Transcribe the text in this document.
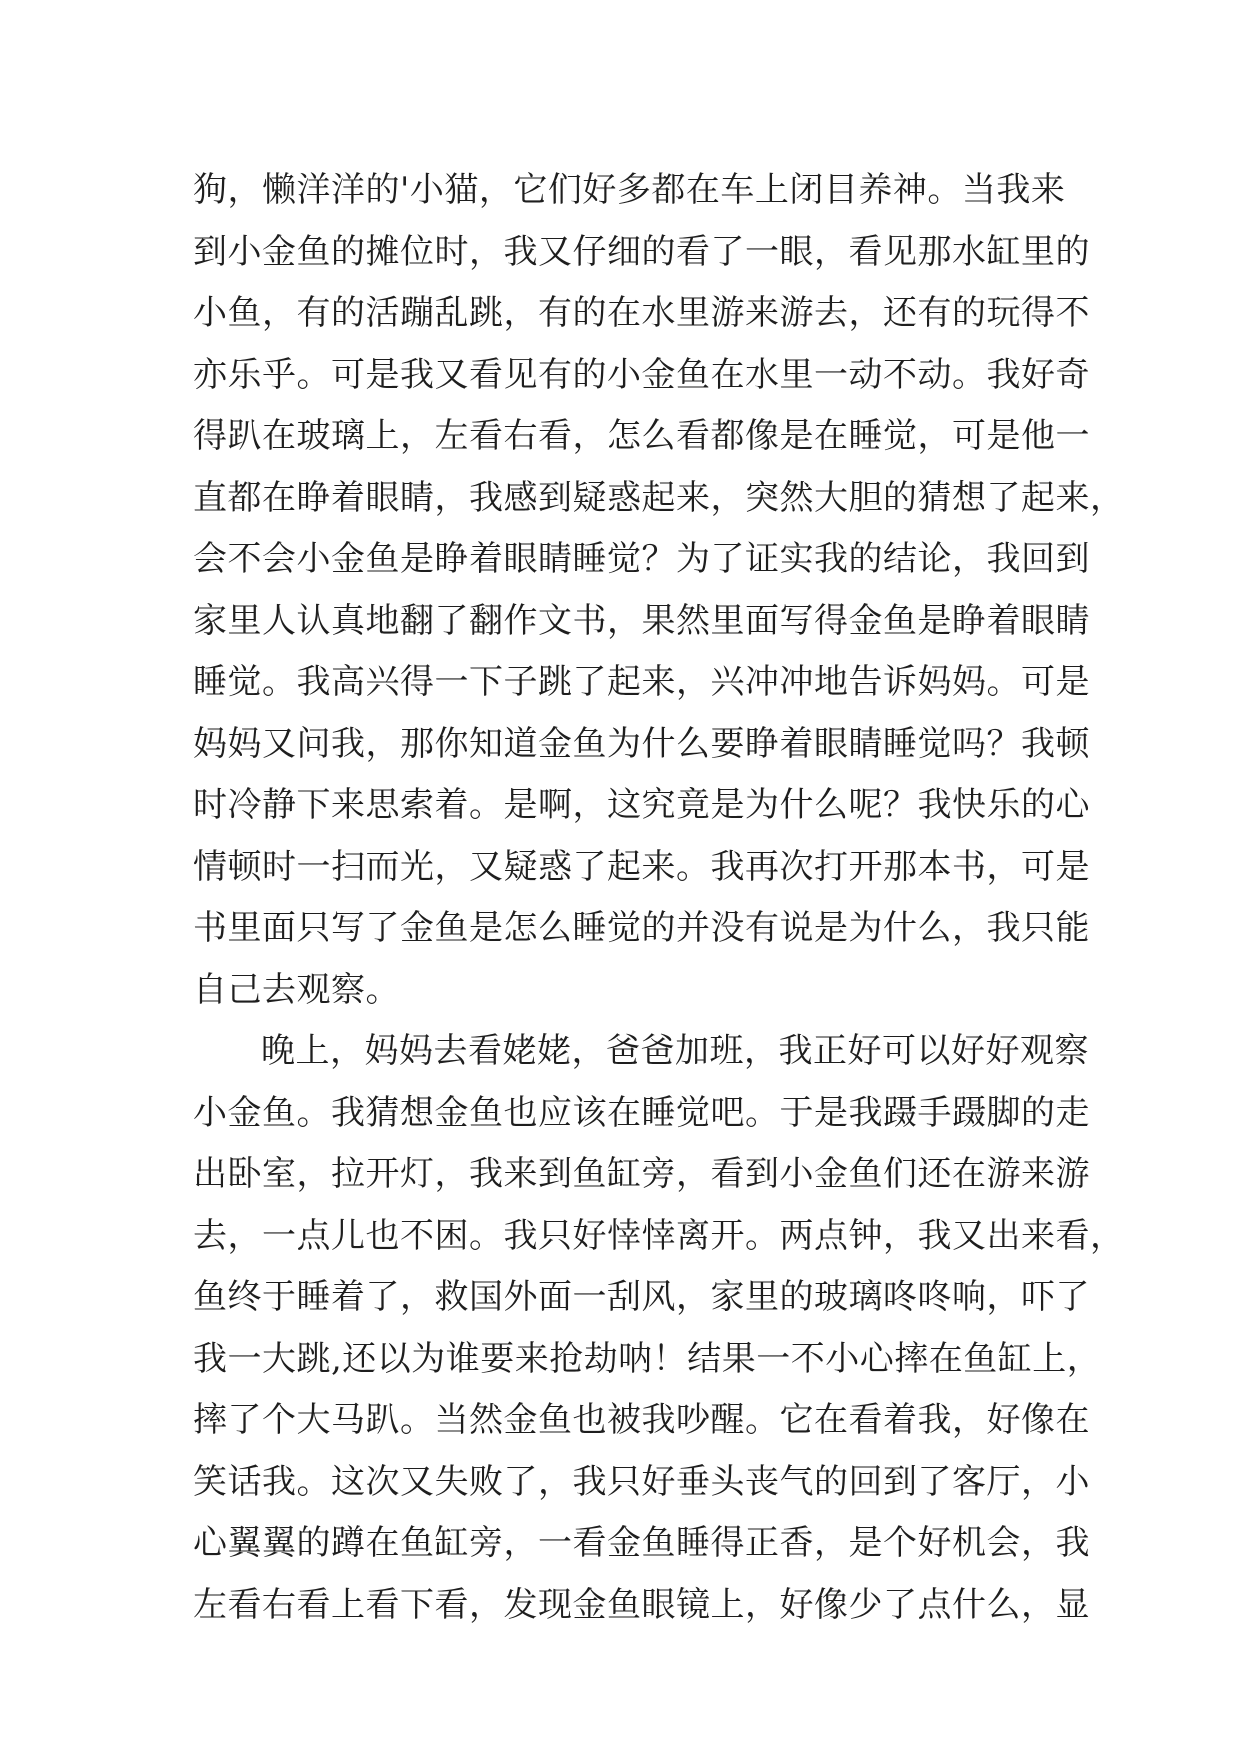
狗，懒洋洋的'小猫，它们好多都在车上闭目养神。当我来
到小金鱼的摊位时，我又仔细的看了一眼，看见那水缸里的
小鱼，有的活蹦乱跳，有的在水里游来游去，还有的玩得不
亦乐乎。可是我又看见有的小金鱼在水里一动不动。我好奇
得趴在玻璃上，左看右看，怎么看都像是在睡觉，可是他一
直都在睁着眼睛，我感到疑惑起来，突然大胆的猜想了起来，
会不会小金鱼是睁着眼睛睡觉？为了证实我的结论，我回到
家里人认真地翻了翻作文书，果然里面写得金鱼是睁着眼睛
睡觉。我高兴得一下子跳了起来，兴冲冲地告诉妈妈。可是
妈妈又问我，那你知道金鱼为什么要睁着眼睛睡觉吗？我顿
时冷静下来思索着。是啊，这究竟是为什么呢？我快乐的心
情顿时一扫而光，又疑惑了起来。我再次打开那本书，可是
书里面只写了金鱼是怎么睡觉的并没有说是为什么，我只能
自己去观察。
晚上，妈妈去看姥姥，爸爸加班，我正好可以好好观察
小金鱼。我猜想金鱼也应该在睡觉吧。于是我蹑手蹑脚的走
出卧室，拉开灯，我来到鱼缸旁，看到小金鱼们还在游来游
去，一点儿也不困。我只好悻悻离开。两点钟，我又出来看，
鱼终于睡着了，救国外面一刮风，家里的玻璃咚咚响，吓了
我一大跳,还以为谁要来抢劫呐！结果一不小心摔在鱼缸上，
摔了个大马趴。当然金鱼也被我吵醒。它在看着我，好像在
笑话我。这次又失败了，我只好垂头丧气的回到了客厅，小
心翼翼的蹲在鱼缸旁，一看金鱼睡得正香，是个好机会，我
左看右看上看下看，发现金鱼眼镜上，好像少了点什么，显
